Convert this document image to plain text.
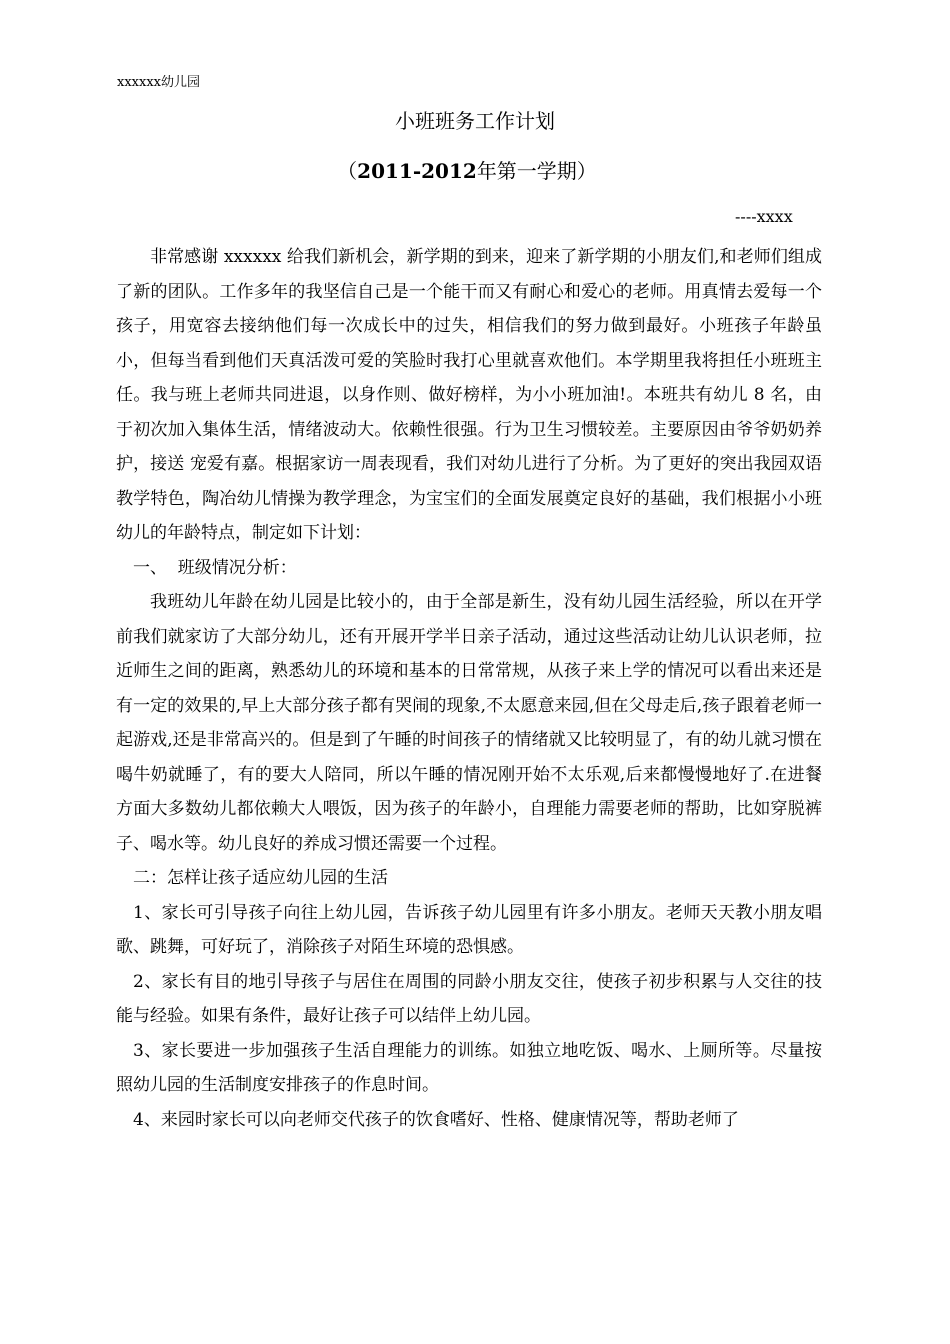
xxxxxx幼儿园
小班班务工作计划
（2011-2012年第一学期）
----xxxx

非常感谢 xxxxxx 给我们新机会，新学期的到来，迎来了新学期的小朋友们,和老师们组成了新的团队。工作多年的我坚信自己是一个能干而又有耐心和爱心的老师。用真情去爱每一个孩子，用宽容去接纳他们每一次成长中的过失，相信我们的努力做到最好。小班孩子年龄虽小，但每当看到他们天真活泼可爱的笑脸时我打心里就喜欢他们。本学期里我将担任小班班主任。我与班上老师共同进退，以身作则、做好榜样，为小小班加油!。本班共有幼儿 8 名，由于初次加入集体生活，情绪波动大。依赖性很强。行为卫生习惯较差。主要原因由爷爷奶奶养护，接送 宠爱有嘉。根据家访一周表现看，我们对幼儿进行了分析。为了更好的突出我园双语教学特色，陶冶幼儿情操为教学理念，为宝宝们的全面发展奠定良好的基础，我们根据小小班幼儿的年龄特点，制定如下计划：

一、  班级情况分析：

我班幼儿年龄在幼儿园是比较小的，由于全部是新生，没有幼儿园生活经验，所以在开学前我们就家访了大部分幼儿，还有开展开学半日亲子活动，通过这些活动让幼儿认识老师，拉近师生之间的距离，熟悉幼儿的环境和基本的日常常规，从孩子来上学的情况可以看出来还是有一定的效果的,早上大部分孩子都有哭闹的现象,不太愿意来园,但在父母走后,孩子跟着老师一起游戏,还是非常高兴的。但是到了午睡的时间孩子的情绪就又比较明显了，有的幼儿就习惯在喝牛奶就睡了，有的要大人陪同，所以午睡的情况刚开始不太乐观,后来都慢慢地好了.在进餐方面大多数幼儿都依赖大人喂饭，因为孩子的年龄小，自理能力需要老师的帮助，比如穿脱裤子、喝水等。幼儿良好的养成习惯还需要一个过程。

二：怎样让孩子适应幼儿园的生活

1、家长可引导孩子向往上幼儿园，告诉孩子幼儿园里有许多小朋友。老师天天教小朋友唱歌、跳舞，可好玩了，消除孩子对陌生环境的恐惧感。

2、家长有目的地引导孩子与居住在周围的同龄小朋友交往，使孩子初步积累与人交往的技能与经验。如果有条件，最好让孩子可以结伴上幼儿园。

3、家长要进一步加强孩子生活自理能力的训练。如独立地吃饭、喝水、上厕所等。尽量按照幼儿园的生活制度安排孩子的作息时间。

4、来园时家长可以向老师交代孩子的饮食嗜好、性格、健康情况等，帮助老师了
